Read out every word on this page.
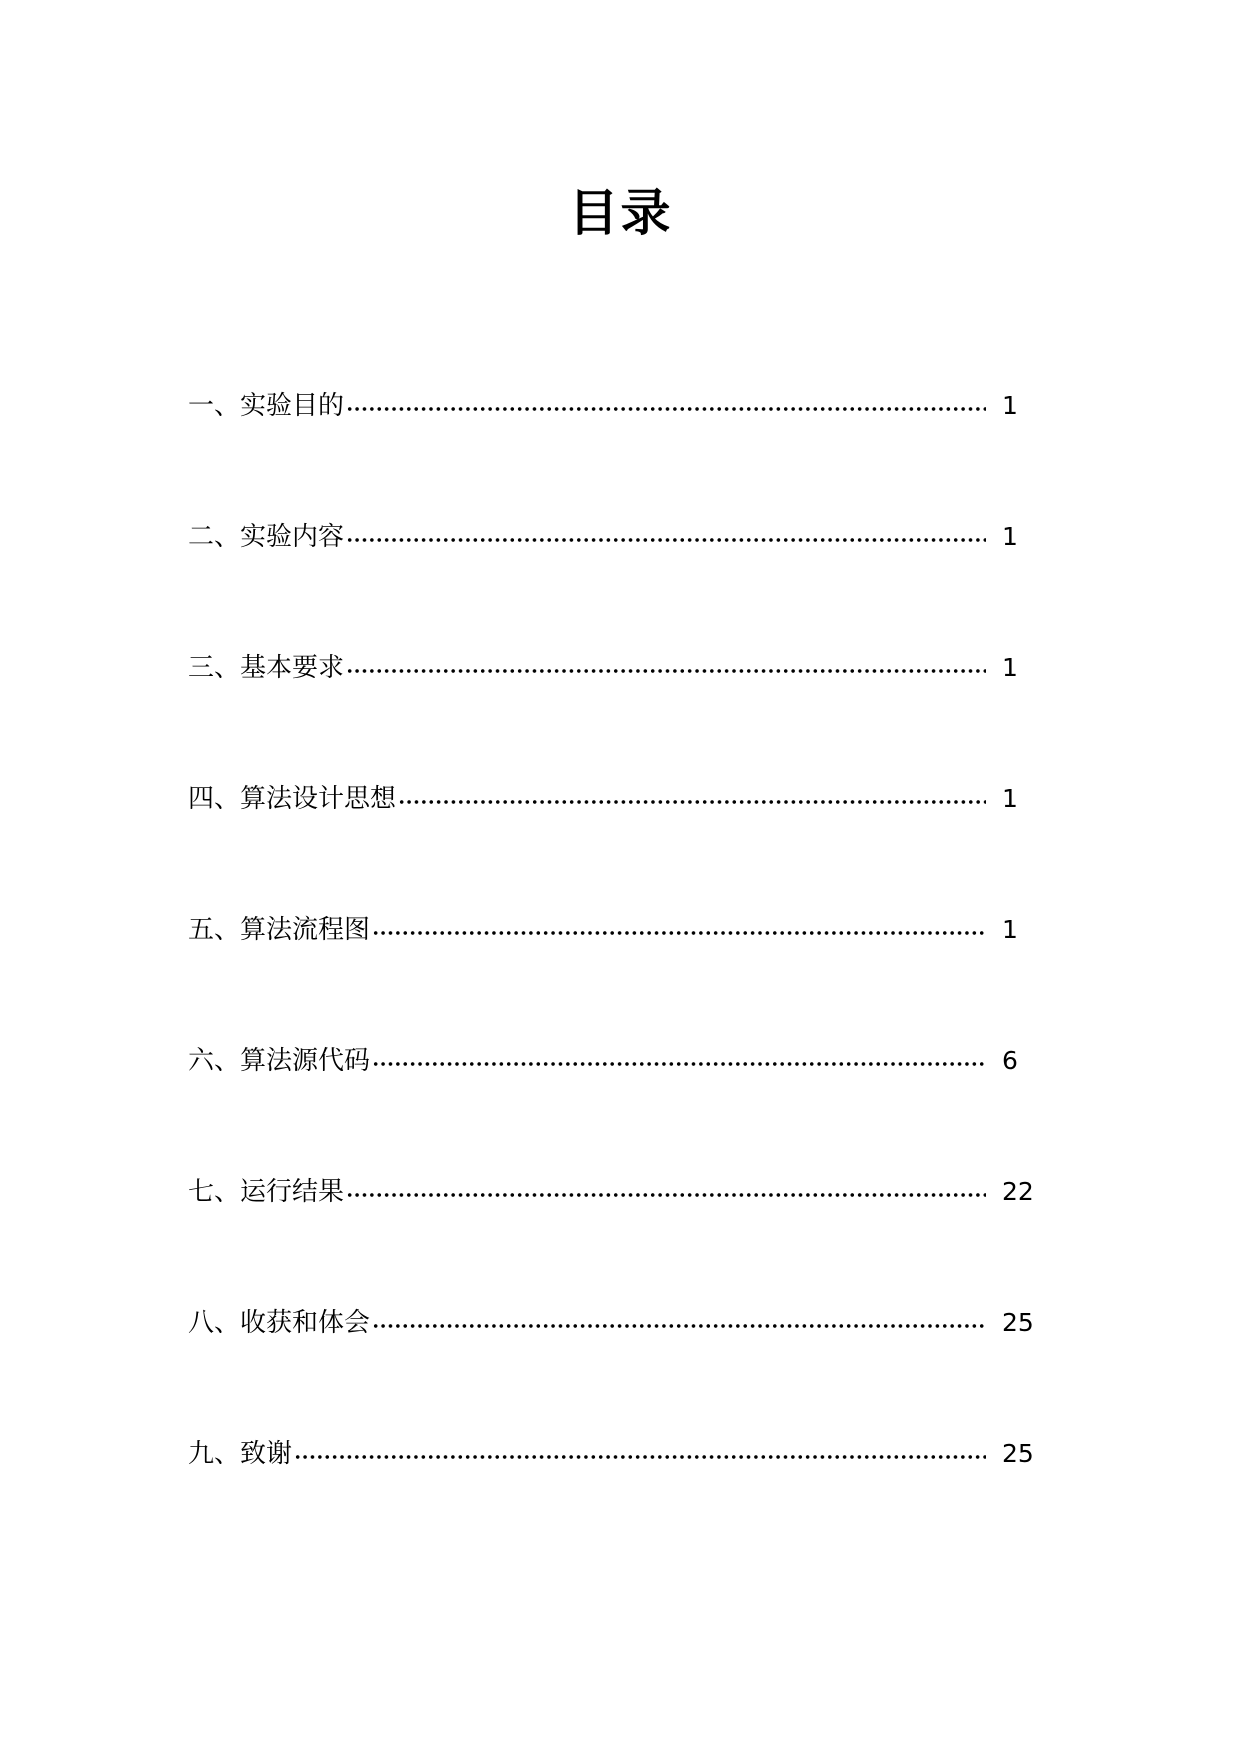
目录
一、实验目的	1
二、实验内容	1
三、基本要求	1
四、算法设计思想	1
五、算法流程图	1
六、算法源代码	6
七、运行结果	22
八、收获和体会	25
九、致谢	25
